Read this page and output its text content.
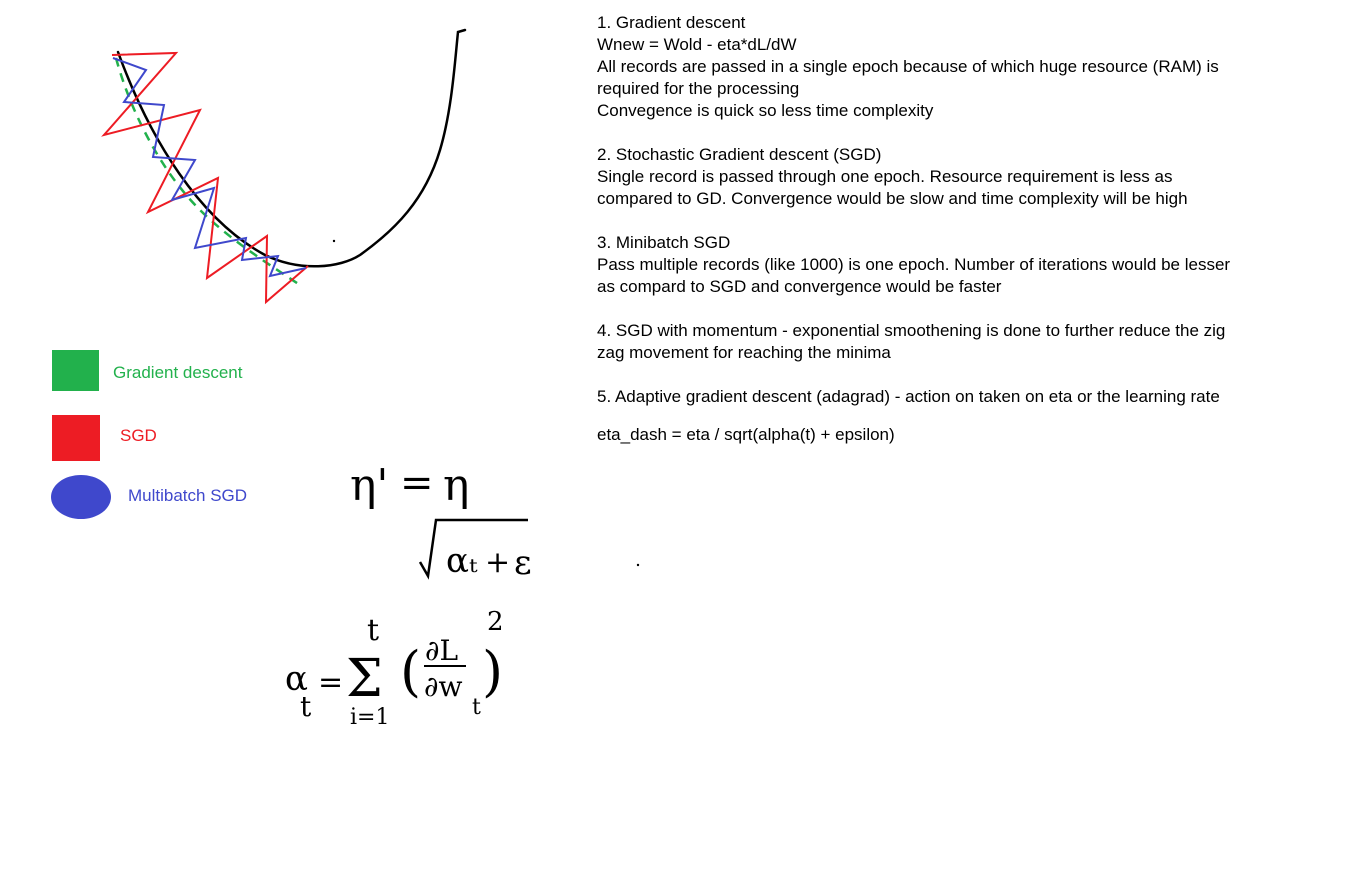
η' = η
αₜ + ε
α
t
=
t
Σ
i=1
( ∂L
∂w
t
)
2
Gradient descent
SGD
Multibatch SGD
1. Gradient descent
Wnew = Wold - eta*dL/dW
All records are passed in a single epoch because of which huge resource (RAM) is required for the processing
Convegence is quick so less time complexity
2. Stochastic Gradient descent (SGD)
Single record is passed through one epoch. Resource requirement is less as compared to GD. Convergence would be slow and time complexity will be high
3. Minibatch SGD
Pass multiple records (like 1000) is one epoch. Number of iterations would be lesser as compard to SGD and convergence would be faster
4. SGD with momentum - exponential smoothening is done to further reduce the zig zag movement for reaching the minima
5. Adaptive gradient descent (adagrad) - action on taken on eta or the learning rate
eta_dash = eta / sqrt(alpha(t) + epsilon)
